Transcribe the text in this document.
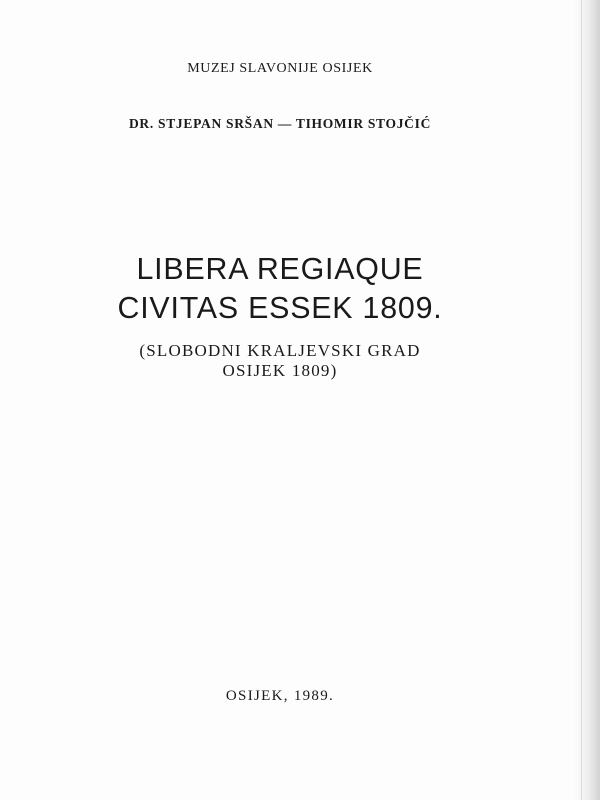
MUZEJ SLAVONIJE OSIJEK
DR. STJEPAN SRŠAN — TIHOMIR STOJČIĆ
LIBERA REGIAQUE
CIVITAS ESSEK 1809.
(SLOBODNI KRALJEVSKI GRAD
OSIJEK 1809)
OSIJEK, 1989.
